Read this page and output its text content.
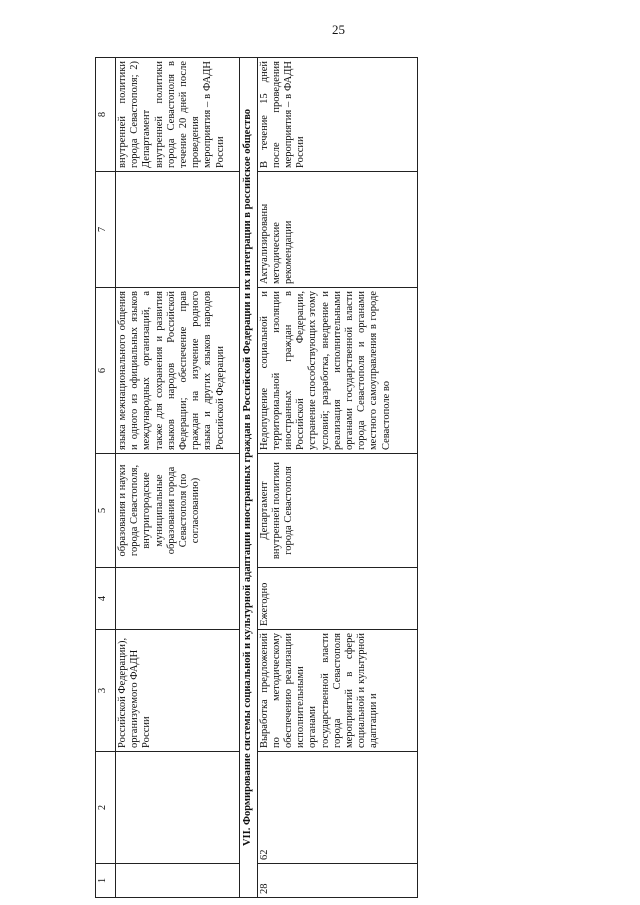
25
1	2	3	4	5	6	7	8
		Российской Федерации), организуемого ФАДН России		образования и науки города Севастополя, внутригородские муниципальные образования города Севастополя (по согласованию)	языка межнационального общения и одного из официальных языков международных организаций, а также для сохранения и развития языков народов Российской Федерации; обеспечение прав граждан на изучение родного языка и других языков народов Российской Федерации		внутренней политики города Севастополя; 2) Департамент внутренней политики города Севастополя в течение 20 дней после проведения мероприятия – в ФАДН России
VII. Формирование системы социальной и культурной адаптации иностранных граждан в Российской Федерации и их интеграции в российское общество							
28	62	Выработка предложений по методическому обеспечению реализации исполнительными органами государственной власти города Севастополя мероприятий в сфере социальной и культурной адаптации и	Ежегодно	Департамент внутренней политики города Севастополя	Недопущение социальной и территориальной изоляции иностранных граждан в Российской Федерации, устранение способствующих этому условий; разработка, внедрение и реализация исполнительными органами государственной власти города Севастополя и органами местного самоуправления в городе Севастополе во	Актуализированы методические рекомендации	В течение 15 дней после проведения мероприятия – в ФАДН России
